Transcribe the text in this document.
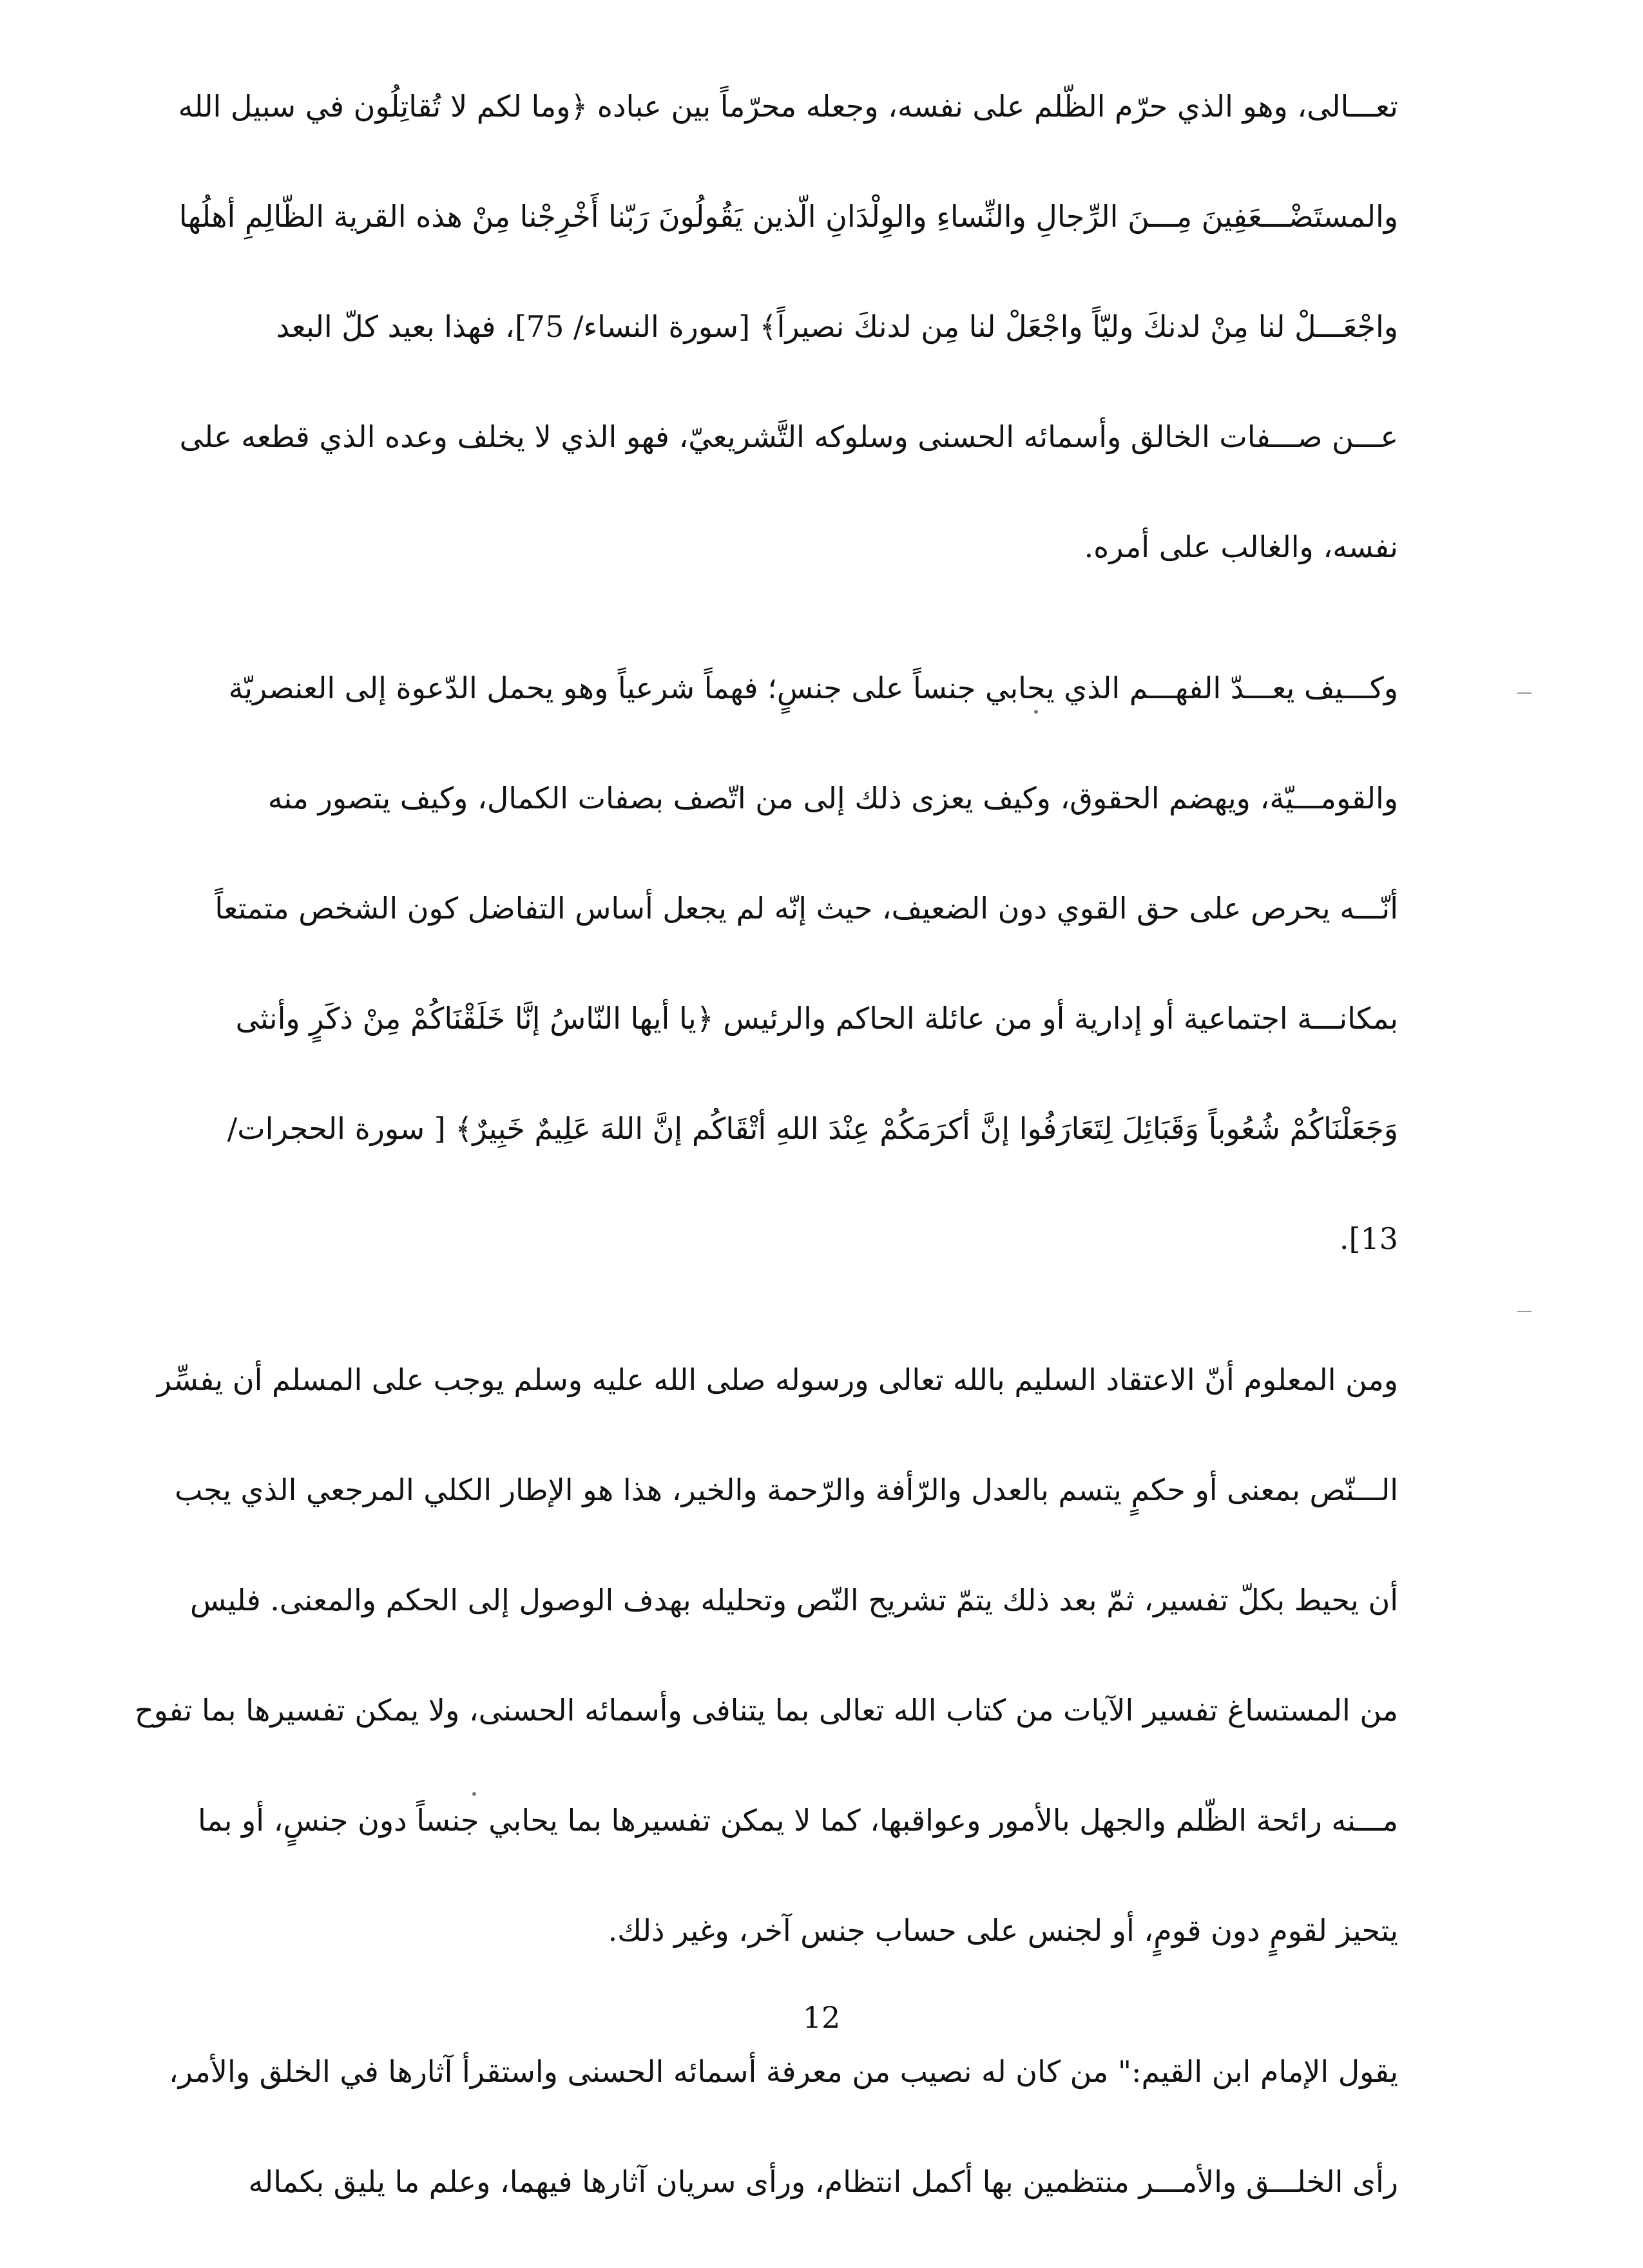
تعـــالى، وهو الذي حرّم الظّلم على نفسه، وجعله محرّماً بين عباده ﴿وما لكم لا تُقاتِلُون في سبيل الله
والمستَضْـــعَفِينَ مِـــنَ الرِّجالِ والنِّساءِ والوِلْدَانِ الّذين يَقُولُونَ رَبّنا أَخْرِجْنا مِنْ هذه القرية الظّالِمِ أهلُها
واجْعَـــلْ لنا مِنْ لدنكَ وليّاً واجْعَلْ لنا مِن لدنكَ نصيراً﴾ [سورة النساء/ 75]، فهذا بعيد كلّ البعد
عـــن صـــفات الخالق وأسمائه الحسنى وسلوكه التَّشريعيّ، فهو الذي لا يخلف وعده الذي قطعه على
نفسه، والغالب على أمره.
وكـــيف يعـــدّ الفهـــم الذي يحابي جنساً على جنسٍ؛ فهماً شرعياً وهو يحمل الدّعوة إلى العنصريّة
والقومـــيّة، ويهضم الحقوق، وكيف يعزى ذلك إلى من اتّصف بصفات الكمال، وكيف يتصور منه
أنّـــه يحرص على حق القوي دون الضعيف، حيث إنّه لم يجعل أساس التفاضل كون الشخص متمتعاً
بمكانـــة اجتماعية أو إدارية أو من عائلة الحاكم والرئيس ﴿يا أيها النّاسُ إنَّا خَلَقْنَاكُمْ مِنْ ذكَرٍ وأنثى
وَجَعَلْنَاكُمْ شُعُوباً وَقَبَائِلَ لِتَعَارَفُوا إنَّ أكرَمَكُمْ عِنْدَ اللهِ أتْقَاكُم إنَّ اللهَ عَلِيمٌ خَبِيرٌ﴾ [ سورة الحجرات/
13].
ومن المعلوم أنّ الاعتقاد السليم بالله تعالى ورسوله صلى الله عليه وسلم يوجب على المسلم أن يفسِّر
الـــنّص بمعنى أو حكمٍ يتسم بالعدل والرّأفة والرّحمة والخير، هذا هو الإطار الكلي المرجعي الذي يجب
أن يحيط بكلّ تفسير، ثمّ بعد ذلك يتمّ تشريح النّص وتحليله بهدف الوصول إلى الحكم والمعنى. فليس
من المستساغ تفسير الآيات من كتاب الله تعالى بما يتنافى وأسمائه الحسنى، ولا يمكن تفسيرها بما تفوح
مـــنه رائحة الظّلم والجهل بالأمور وعواقبها، كما لا يمكن تفسيرها بما يحابي جنساً دون جنسٍ، أو بما
يتحيز لقومٍ دون قومٍ، أو لجنس على حساب جنس آخر، وغير ذلك.
يقول الإمام ابن القيم:" من كان له نصيب من معرفة أسمائه الحسنى واستقرأ آثارها في الخلق والأمر،
رأى الخلـــق والأمـــر منتظمين بها أكمل انتظام، ورأى سريان آثارها فيهما، وعلم ما يليق بكماله
12
